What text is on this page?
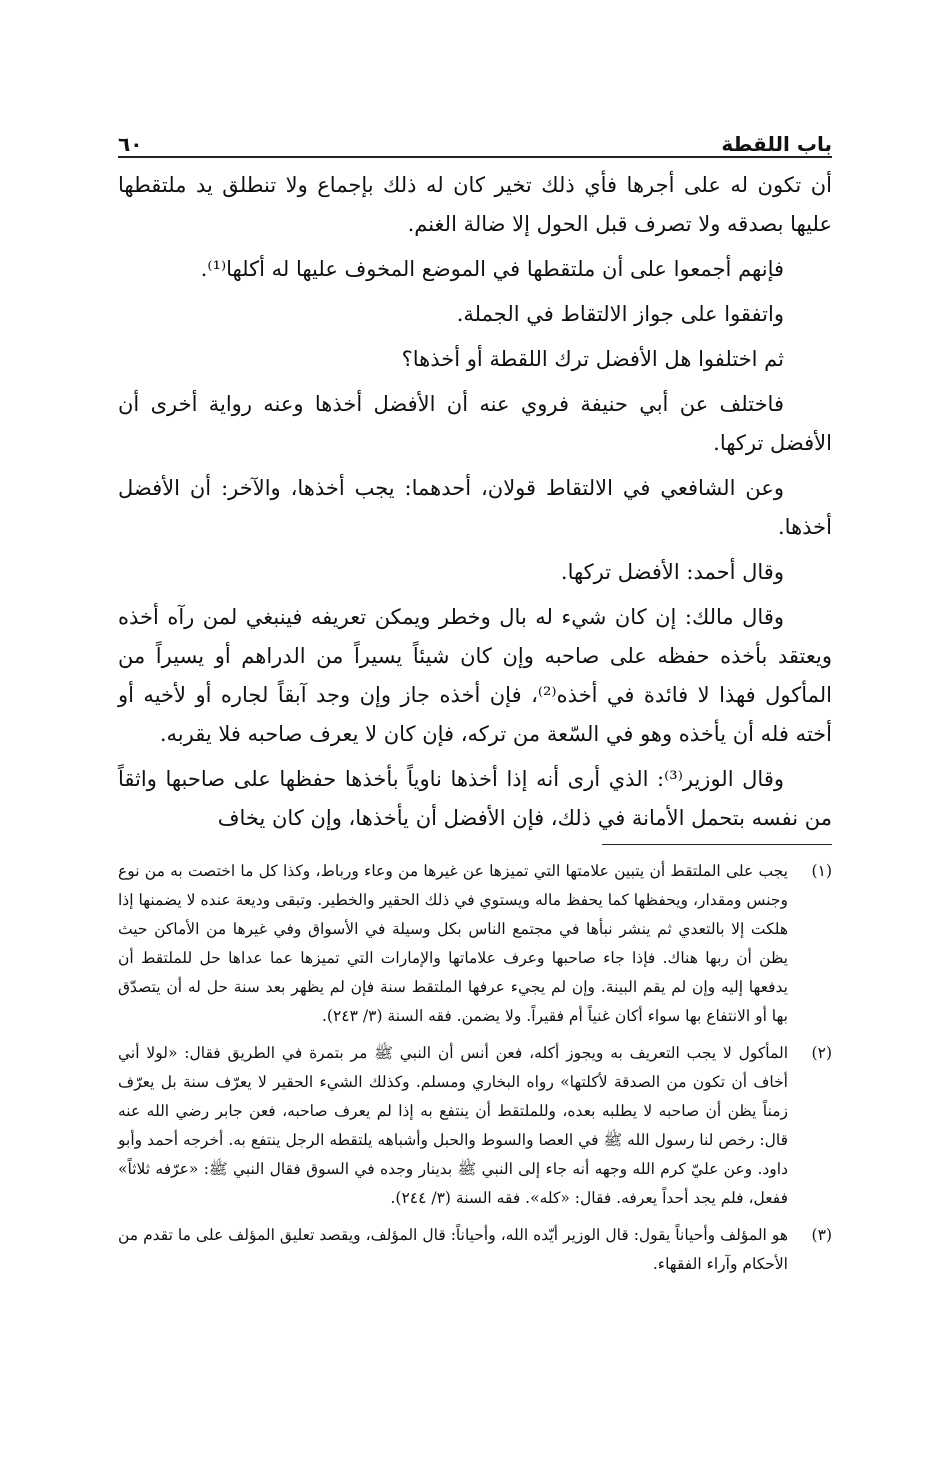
باب اللقطة
٦٠

أن تكون له على أجرها فأي ذلك تخير كان له ذلك بإجماع ولا تنطلق يد ملتقطها عليها بصدقه ولا تصرف قبل الحول إلا ضالة الغنم.

فإنهم أجمعوا على أن ملتقطها في الموضع المخوف عليها له أكلها⁽¹⁾.

واتفقوا على جواز الالتقاط في الجملة.

ثم اختلفوا هل الأفضل ترك اللقطة أو أخذها؟

فاختلف عن أبي حنيفة فروي عنه أن الأفضل أخذها وعنه رواية أخرى أن الأفضل تركها.

وعن الشافعي في الالتقاط قولان، أحدهما: يجب أخذها، والآخر: أن الأفضل أخذها.

وقال أحمد: الأفضل تركها.

وقال مالك: إن كان شيء له بال وخطر ويمكن تعريفه فينبغي لمن رآه أخذه ويعتقد بأخذه حفظه على صاحبه وإن كان شيئاً يسيراً من الدراهم أو يسيراً من المأكول فهذا لا فائدة في أخذه⁽²⁾، فإن أخذه جاز وإن وجد آبقاً لجاره أو لأخيه أو أخته فله أن يأخذه وهو في السّعة من تركه، فإن كان لا يعرف صاحبه فلا يقربه.

وقال الوزير⁽³⁾: الذي أرى أنه إذا أخذها ناوياً بأخذها حفظها على صاحبها واثقاً من نفسه بتحمل الأمانة في ذلك، فإن الأفضل أن يأخذها، وإن كان يخاف

(١)
يجب على الملتقط أن يتبين علامتها التي تميزها عن غيرها من وعاء ورباط، وكذا كل ما اختصت به من نوع وجنس ومقدار، ويحفظها كما يحفظ ماله ويستوي في ذلك الحقير والخطير. وتبقى وديعة عنده لا يضمنها إذا هلكت إلا بالتعدي ثم ينشر نبأها في مجتمع الناس بكل وسيلة في الأسواق وفي غيرها من الأماكن حيث يظن أن ربها هناك. فإذا جاء صاحبها وعرف علاماتها والإمارات التي تميزها عما عداها حل للملتقط أن يدفعها إليه وإن لم يقم البينة. وإن لم يجيء عرفها الملتقط سنة فإن لم يظهر بعد سنة حل له أن يتصدّق بها أو الانتفاع بها سواء أكان غنياً أم فقيراً. ولا يضمن. فقه السنة (٣/ ٢٤٣).
(٢)
المأكول لا يجب التعريف به ويجوز أكله، فعن أنس أن النبي ﷺ مر بتمرة في الطريق فقال: «لولا أني أخاف أن تكون من الصدقة لأكلتها» رواه البخاري ومسلم. وكذلك الشيء الحقير لا يعرّف سنة بل يعرّف زمناً يظن أن صاحبه لا يطلبه بعده، وللملتقط أن ينتفع به إذا لم يعرف صاحبه، فعن جابر رضي الله عنه قال: رخص لنا رسول الله ﷺ في العصا والسوط والحبل وأشباهه يلتقطه الرجل ينتفع به. أخرجه أحمد وأبو داود. وعن عليّ كرم الله وجهه أنه جاء إلى النبي ﷺ بدينار وجده في السوق فقال النبي ﷺ: «عرّفه ثلاثاً» ففعل، فلم يجد أحداً يعرفه. فقال: «كله». فقه السنة (٣/ ٢٤٤).
(٣)
هو المؤلف وأحياناً يقول: قال الوزير أيّده الله، وأحياناً: قال المؤلف، ويقصد تعليق المؤلف على ما تقدم من الأحكام وآراء الفقهاء.
